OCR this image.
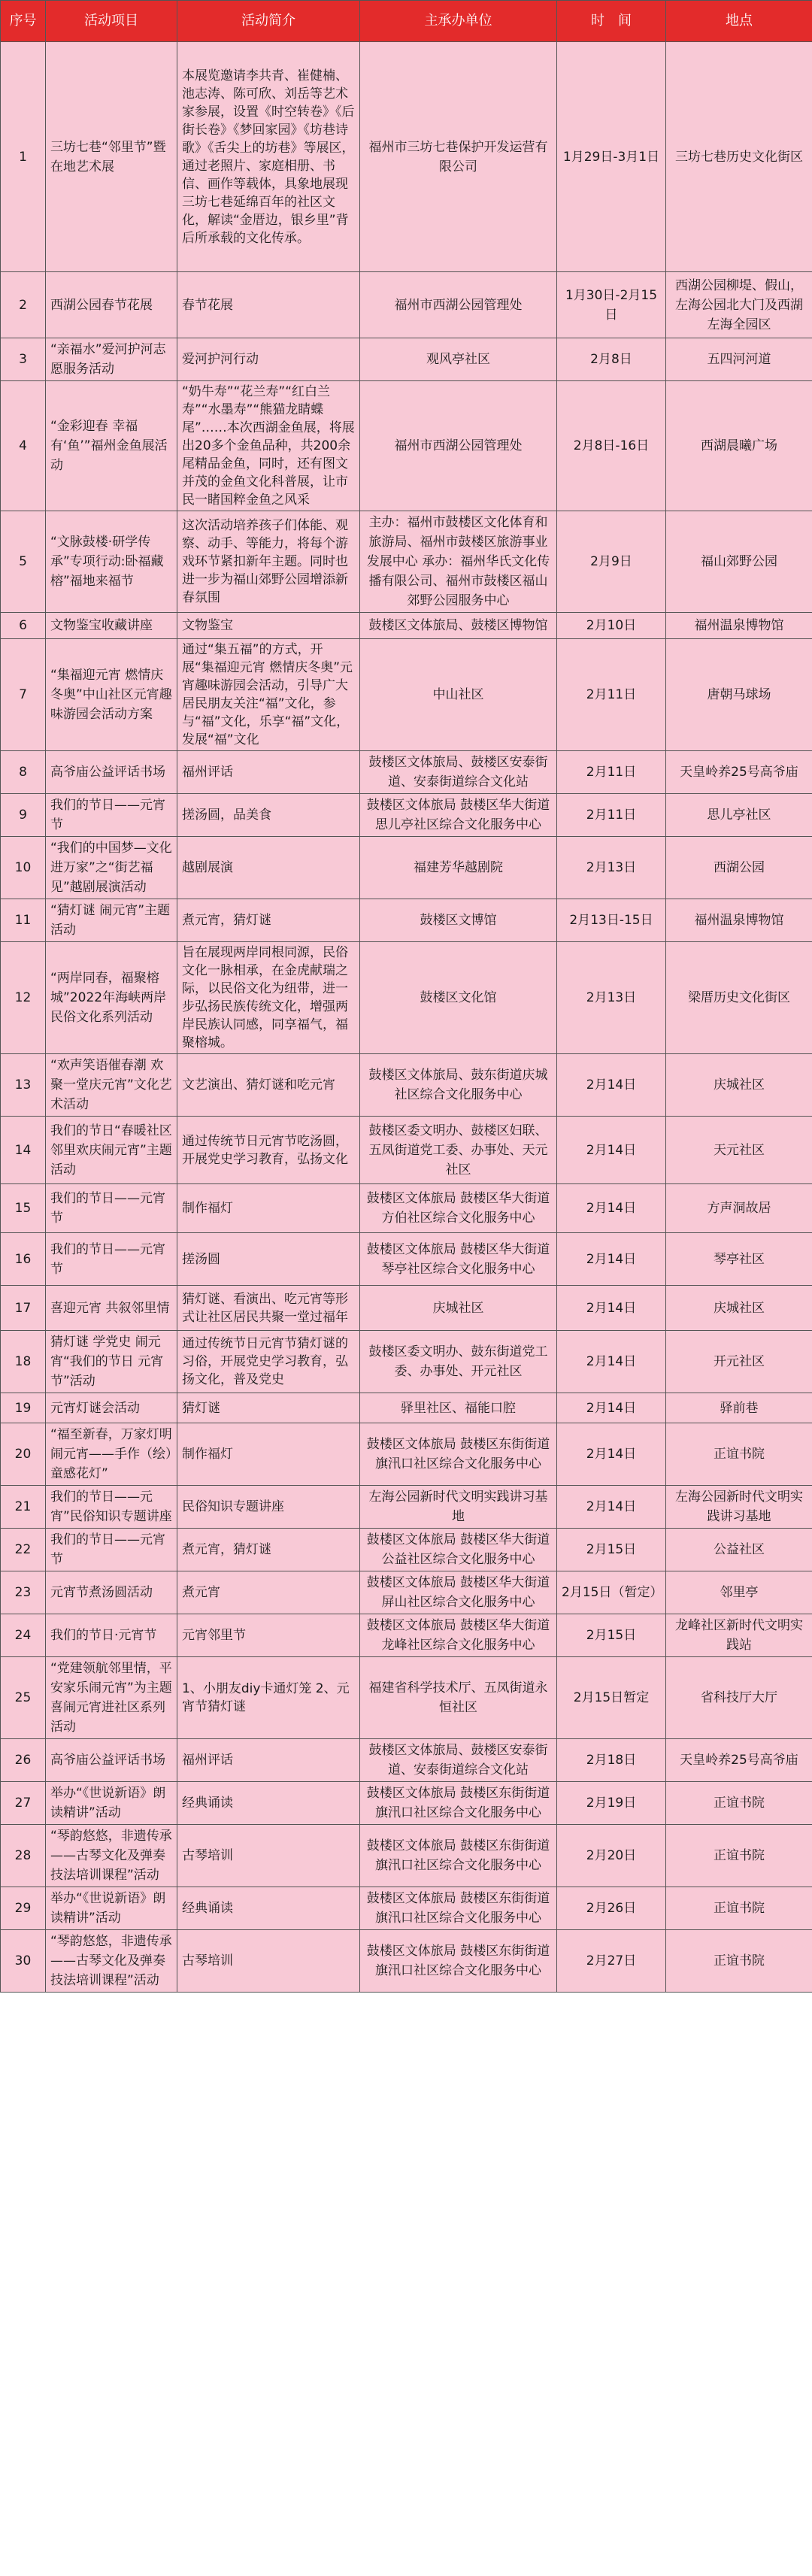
序号	活动项目	活动简介	主承办单位	时　间	地点
1	三坊七巷“邻里节”暨在地艺术展	本展览邀请李共青、崔健楠、池志涛、陈可欣、刘岳等艺术家参展，设置《时空转卷》《后街长卷》《梦回家园》《坊巷诗歌》《舌尖上的坊巷》等展区，通过老照片、家庭相册、书信、画作等载体，具象地展现三坊七巷延绵百年的社区文化，解读“金厝边，银乡里”背后所承载的文化传承。	福州市三坊七巷保护开发运营有限公司	1月29日-3月1日	三坊七巷历史文化街区
2	西湖公园春节花展	春节花展	福州市西湖公园管理处	1月30日-2月15日	西湖公园柳堤、假山，左海公园北大门及西湖左海全园区
3	“亲福水”爱河护河志愿服务活动	爱河护河行动	观风亭社区	2月8日	五四河河道
4	“金彩迎春 幸福有‘鱼’”福州金鱼展活动	“奶牛寿”“花兰寿”“红白兰寿”“水墨寿”“熊猫龙睛蝶尾”……本次西湖金鱼展，将展出20多个金鱼品种，共200余尾精品金鱼，同时，还有图文并茂的金鱼文化科普展，让市民一睹国粹金鱼之风采	福州市西湖公园管理处	2月8日-16日	西湖晨曦广场
5	“文脉鼓楼·研学传承”专项行动:卧福藏榕”福地来福节	这次活动培养孩子们体能、观察、动手、等能力，将每个游戏环节紧扣新年主题。同时也进一步为福山郊野公园增添新春氛围	主办：福州市鼓楼区文化体育和旅游局、福州市鼓楼区旅游事业发展中心 承办：福州华氏文化传播有限公司、福州市鼓楼区福山郊野公园服务中心	2月9日	福山郊野公园
6	文物鉴宝收藏讲座	文物鉴宝	鼓楼区文体旅局、鼓楼区博物馆	2月10日	福州温泉博物馆
7	“集福迎元宵 燃情庆冬奥”中山社区元宵趣味游园会活动方案	通过“集五福”的方式，开展“集福迎元宵 燃情庆冬奥”元宵趣味游园会活动，引导广大居民朋友关注“福”文化，参与“福”文化，乐享“福”文化，发展“福”文化	中山社区	2月11日	唐朝马球场
8	高爷庙公益评话书场	福州评话	鼓楼区文体旅局、鼓楼区安泰街道、安泰街道综合文化站	2月11日	天皇岭养25号高爷庙
9	我们的节日——元宵节	搓汤圆，品美食	鼓楼区文体旅局 鼓楼区华大街道思儿亭社区综合文化服务中心	2月11日	思儿亭社区
10	“我们的中国梦—文化进万家”之“街艺福见”越剧展演活动	越剧展演	福建芳华越剧院	2月13日	西湖公园
11	“猜灯谜 闹元宵”主题活动	煮元宵，猜灯谜	鼓楼区文博馆	2月13日-15日	福州温泉博物馆
12	“两岸同春，福聚榕城”2022年海峡两岸民俗文化系列活动	旨在展现两岸同根同源，民俗文化一脉相承，在金虎献瑞之际，以民俗文化为纽带，进一步弘扬民族传统文化，增强两岸民族认同感，同享福气，福聚榕城。	鼓楼区文化馆	2月13日	梁厝历史文化街区
13	“欢声笑语催春潮 欢聚一堂庆元宵”文化艺术活动	文艺演出、猜灯谜和吃元宵	鼓楼区文体旅局、鼓东街道庆城社区综合文化服务中心	2月14日	庆城社区
14	我们的节日“春暖社区邻里欢庆闹元宵”主题活动	通过传统节日元宵节吃汤圆，开展党史学习教育，弘扬文化	鼓楼区委文明办、鼓楼区妇联、五凤街道党工委、办事处、天元社区	2月14日	天元社区
15	我们的节日——元宵节	制作福灯	鼓楼区文体旅局 鼓楼区华大街道方伯社区综合文化服务中心	2月14日	方声洞故居
16	我们的节日——元宵节	搓汤圆	鼓楼区文体旅局 鼓楼区华大街道琴亭社区综合文化服务中心	2月14日	琴亭社区
17	喜迎元宵 共叙邻里情	猜灯谜、看演出、吃元宵等形式让社区居民共聚一堂过福年	庆城社区	2月14日	庆城社区
18	猜灯谜 学党史 闹元宵“我们的节日 元宵节”活动	通过传统节日元宵节猜灯谜的习俗，开展党史学习教育，弘扬文化，普及党史	鼓楼区委文明办、鼓东街道党工委、办事处、开元社区	2月14日	开元社区
19	元宵灯谜会活动	猜灯谜	驿里社区、福能口腔	2月14日	驿前巷
20	“福至新春，万家灯明闹元宵——手作（绘）童感花灯”	制作福灯	鼓楼区文体旅局 鼓楼区东街街道旗汛口社区综合文化服务中心	2月14日	正谊书院
21	我们的节日——元宵”民俗知识专题讲座	民俗知识专题讲座	左海公园新时代文明实践讲习基地	2月14日	左海公园新时代文明实践讲习基地
22	我们的节日——元宵节	煮元宵，猜灯谜	鼓楼区文体旅局 鼓楼区华大街道公益社区综合文化服务中心	2月15日	公益社区
23	元宵节煮汤圆活动	煮元宵	鼓楼区文体旅局 鼓楼区华大街道屏山社区综合文化服务中心	2月15日（暂定）	邻里亭
24	我们的节日·元宵节	元宵邻里节	鼓楼区文体旅局 鼓楼区华大街道龙峰社区综合文化服务中心	2月15日	龙峰社区新时代文明实践站
25	“党建领航邻里情，平安家乐闹元宵”为主题喜闹元宵进社区系列活动	1、小朋友diy卡通灯笼 2、元宵节猜灯谜	福建省科学技术厅、五凤街道永恒社区	2月15日暂定	省科技厅大厅
26	高爷庙公益评话书场	福州评话	鼓楼区文体旅局、鼓楼区安泰街道、安泰街道综合文化站	2月18日	天皇岭养25号高爷庙
27	举办“《世说新语》朗读精讲”活动	经典诵读	鼓楼区文体旅局 鼓楼区东街街道旗汛口社区综合文化服务中心	2月19日	正谊书院
28	“琴韵悠悠，非遗传承——古琴文化及弹奏技法培训课程”活动	古琴培训	鼓楼区文体旅局 鼓楼区东街街道旗汛口社区综合文化服务中心	2月20日	正谊书院
29	举办“《世说新语》朗读精讲”活动	经典诵读	鼓楼区文体旅局 鼓楼区东街街道旗汛口社区综合文化服务中心	2月26日	正谊书院
30	“琴韵悠悠，非遗传承——古琴文化及弹奏技法培训课程”活动	古琴培训	鼓楼区文体旅局 鼓楼区东街街道旗汛口社区综合文化服务中心	2月27日	正谊书院
